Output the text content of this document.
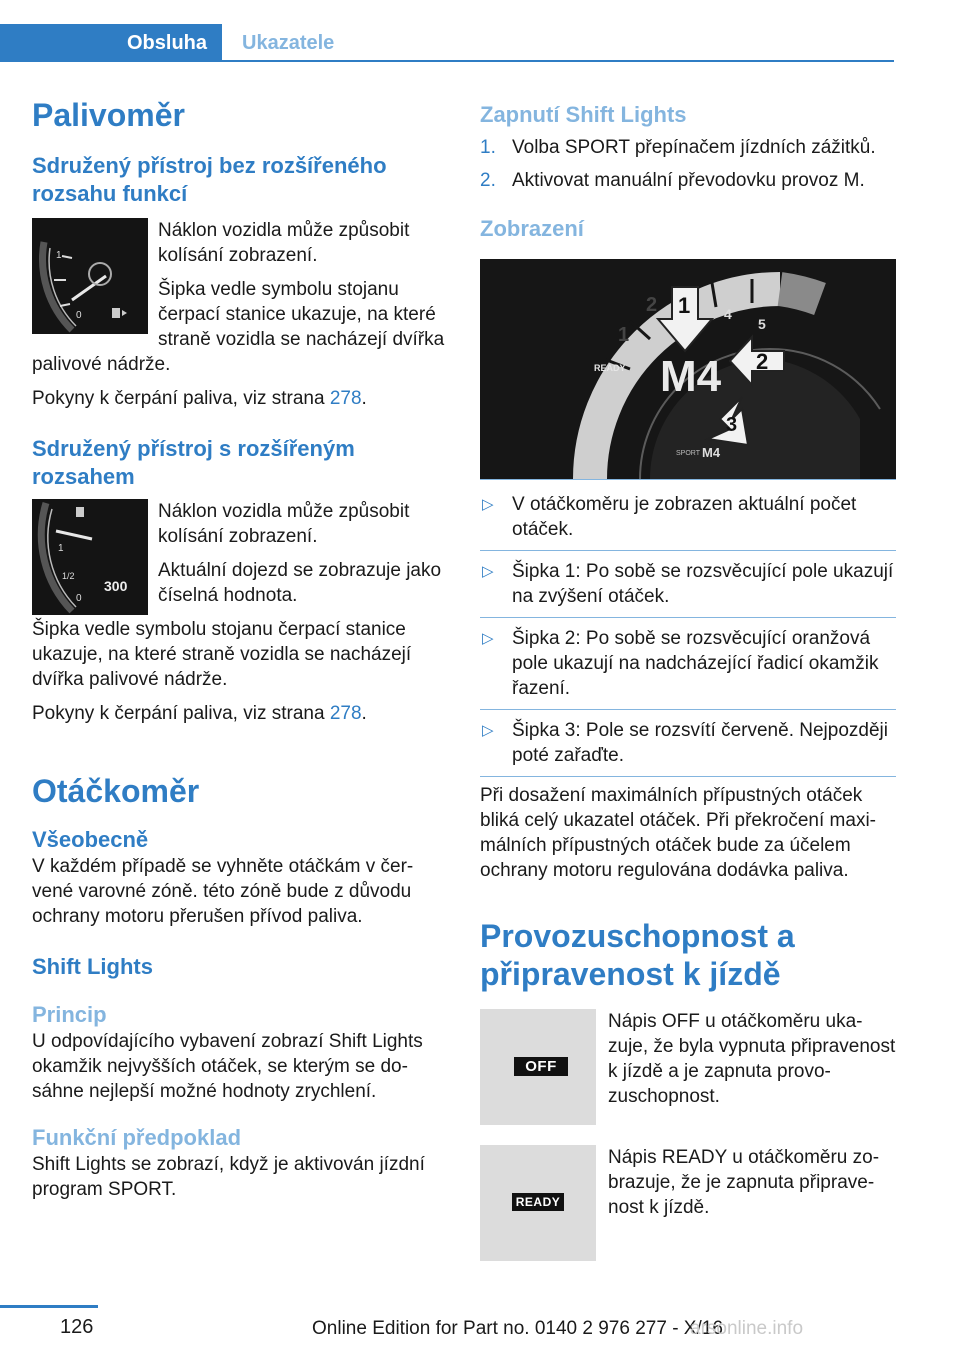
Obsluha	Ukazatele
Palivoměr
Sdružený přístroj bez rozšířeného rozsahu funkcí
1
0

Náklon vozidla může způsobit kolísání zobrazení.

Šipka vedle symbolu stojanu čerpací stanice ukazuje, na které straně vozidla se nacházejí dvířka palivové nádrže.

Pokyny k čerpání paliva, viz strana 278.

Sdružený přístroj s rozšířeným rozsahem
1
1/2
0
300

Náklon vozidla může způsobit kolísání zobrazení.

Aktuální dojezd se zobrazuje jako číselná hodnota.

Šipka vedle symbolu stojanu čerpací stanice ukazuje, na které straně vozidla se nacházejí dvířka palivové nádrže.

Pokyny k čerpání paliva, viz strana 278.

Otáčkoměr
Všeobecně

V každém případě se vyhněte otáčkám v červené varovné zóně. této zóně bude z důvodu ochrany motoru přerušen přívod paliva.

Shift Lights
Princip

U odpovídajícího vybavení zobrazí Shift Lights okamžik nejvyšších otáček, se kterým se dosáhne nejlepší možné hodnoty zrychlení.

Funkční předpoklad

Shift Lights se zobrazí, když je aktivován jízdní program SPORT.

Zapnutí Shift Lights
1. Volba SPORT přepínačem jízdních zážitků.
2. Aktivovat manuální převodovku provoz M.
Zobrazení
M4
READY
SPORT M4
1
2	4
5
1
2
3
▷ V otáčkoměru je zobrazen aktuální počet otáček.
▷ Šipka 1: Po sobě se rozsvěcující pole ukazují na zvýšení otáček.
▷ Šipka 2: Po sobě se rozsvěcující oranžová pole ukazují na nadcházející řadicí okamžik řazení.
▷ Šipka 3: Pole se rozsvítí červeně. Nejpozději poté zařaďte.

Při dosažení maximálních přípustných otáček bliká celý ukazatel otáček. Při překročení maximálních přípustných otáček bude za účelem ochrany motoru regulována dodávka paliva.

Provozuschopnost a připravenost k jízdě
OFF

Nápis OFF u otáčkoměru ukazuje, že byla vypnuta připravenost k jízdě a je zapnuta provozuschopnost.

READY

Nápis READY u otáčkoměru zobrazuje, že je zapnuta připravenost k jízdě.

126	Online Edition for Part no. 0140 2 976 277 - X/16
arsonline.info
